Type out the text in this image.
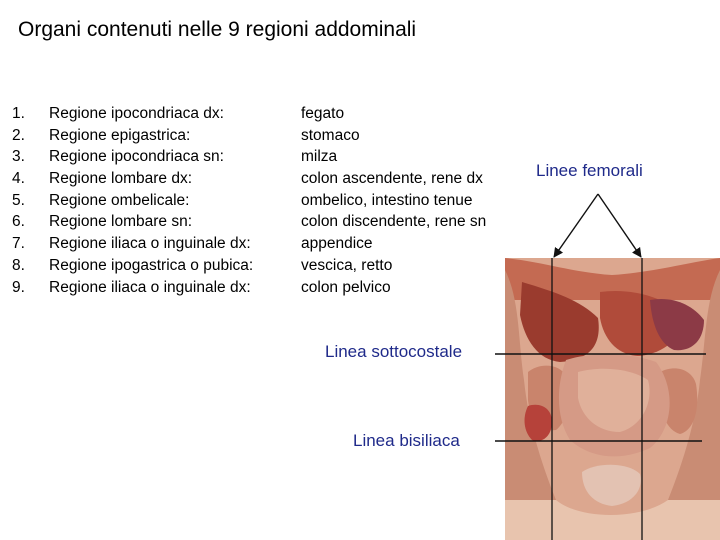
Organi contenuti nelle 9 regioni addominali
1.
2.
3.
4.
5.
6.
7.
8.
9.
Regione ipocondriaca dx:
Regione epigastrica:
Regione ipocondriaca sn:
Regione lombare dx:
Regione ombelicale:
Regione lombare sn:
Regione iliaca o inguinale dx:
Regione ipogastrica o pubica:
Regione iliaca o inguinale dx:
fegato
stomaco
milza
colon ascendente, rene dx
ombelico, intestino tenue
colon discendente, rene sn
appendice
vescica, retto
colon pelvico
Linee femorali
Linea sottocostale
Linea bisiliaca
